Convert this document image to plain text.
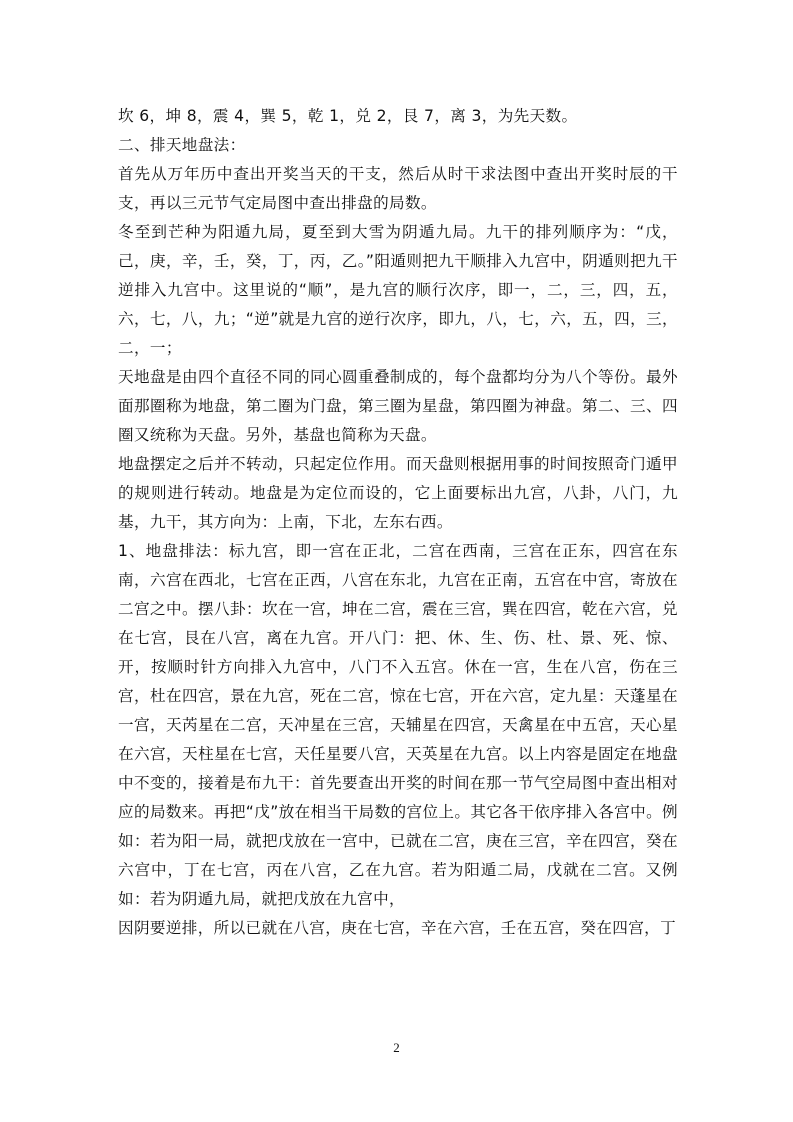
坎 6，坤 8，震 4，巽 5，乾 1，兑 2，艮 7，离 3，为先天数。

二、排天地盘法：

首先从万年历中查出开奖当天的干支，然后从时干求法图中查出开奖时辰的干支，再以三元节气定局图中查出排盘的局数。

冬至到芒种为阳遁九局，夏至到大雪为阴遁九局。九干的排列顺序为：“戊，己，庚，辛，壬，癸，丁，丙，乙。”阳遁则把九干顺排入九宫中，阴遁则把九干逆排入九宫中。这里说的“顺”，是九宫的顺行次序，即一，二，三，四，五，六，七，八，九；“逆”就是九宫的逆行次序，即九，八，七，六，五，四，三，二，一；

天地盘是由四个直径不同的同心圆重叠制成的，每个盘都均分为八个等份。最外面那圈称为地盘，第二圈为门盘，第三圈为星盘，第四圈为神盘。第二、三、四圈又统称为天盘。另外，基盘也简称为天盘。

地盘摆定之后并不转动，只起定位作用。而天盘则根据用事的时间按照奇门遁甲的规则进行转动。地盘是为定位而设的，它上面要标出九宫，八卦，八门，九基，九干，其方向为：上南，下北，左东右西。

1、地盘排法：标九宫，即一宫在正北，二宫在西南，三宫在正东，四宫在东南，六宫在西北，七宫在正西，八宫在东北，九宫在正南，五宫在中宫，寄放在二宫之中。摆八卦：坎在一宫，坤在二宫，震在三宫，巽在四宫，乾在六宫，兑在七宫，艮在八宫，离在九宫。开八门：把、休、生、伤、杜、景、死、惊、开，按顺时针方向排入九宫中，八门不入五宫。休在一宫，生在八宫，伤在三宫，杜在四宫，景在九宫，死在二宫，惊在七宫，开在六宫，定九星：天蓬星在一宫，天芮星在二宫，天冲星在三宫，天辅星在四宫，天禽星在中五宫，天心星在六宫，天柱星在七宫，天任星要八宫，天英星在九宫。以上内容是固定在地盘中不变的，接着是布九干：首先要查出开奖的时间在那一节气空局图中查出相对应的局数来。再把“戊”放在相当干局数的宫位上。其它各干依序排入各宫中。例如：若为阳一局，就把戊放在一宫中，已就在二宫，庚在三宫，辛在四宫，癸在六宫中，丁在七宫，丙在八宫，乙在九宫。若为阳遁二局，戊就在二宫。又例如：若为阴遁九局，就把戊放在九宫中，

因阴要逆排，所以已就在八宫，庚在七宫，辛在六宫，壬在五宫，癸在四宫，丁

2
